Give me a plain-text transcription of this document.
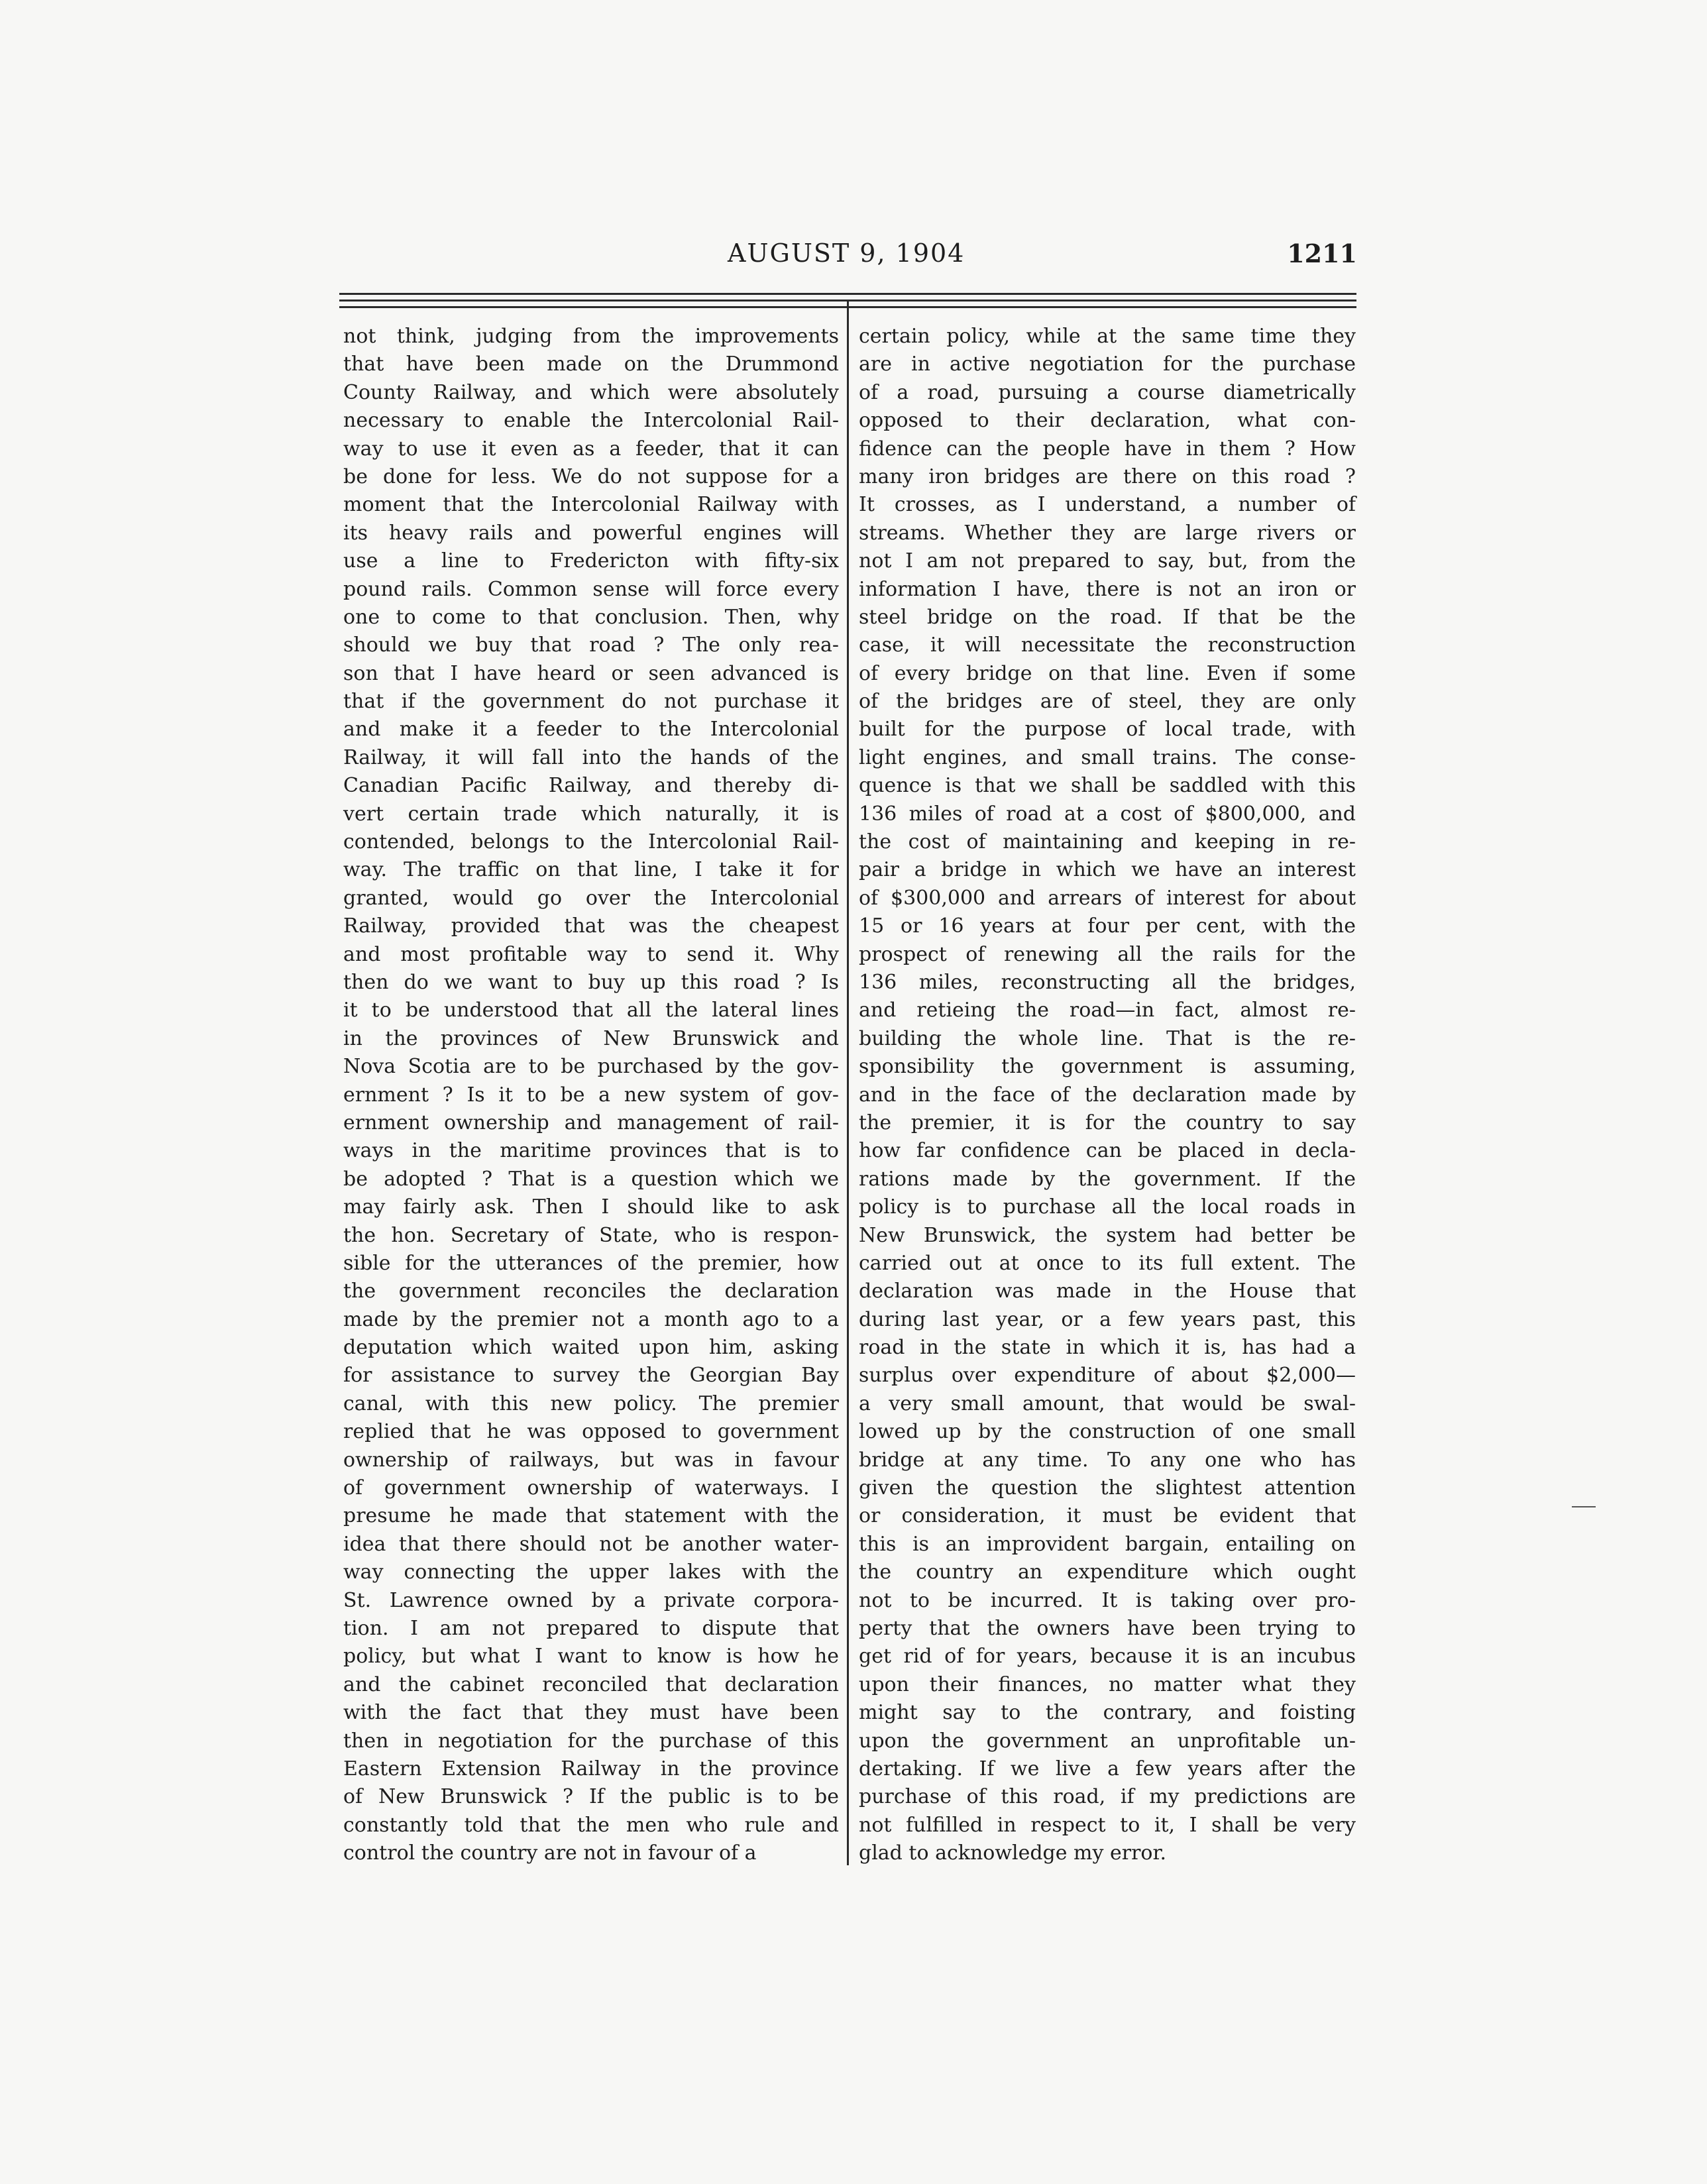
AUGUST 9, 1904	1211
not think, judging from the improvements
that have been made on the Drummond
County Railway, and which were absolutely
necessary to enable the Intercolonial Rail-
way to use it even as a feeder, that it can
be done for less. We do not suppose for a
moment that the Intercolonial Railway with
its heavy rails and powerful engines will
use a line to Fredericton with fifty-six
pound rails. Common sense will force every
one to come to that conclusion. Then, why
should we buy that road ? The only rea-
son that I have heard or seen advanced is
that if the government do not purchase it
and make it a feeder to the Intercolonial
Railway, it will fall into the hands of the
Canadian Pacific Railway, and thereby di-
vert certain trade which naturally, it is
contended, belongs to the Intercolonial Rail-
way. The traffic on that line, I take it for
granted, would go over the Intercolonial
Railway, provided that was the cheapest
and most profitable way to send it. Why
then do we want to buy up this road ? Is
it to be understood that all the lateral lines
in the provinces of New Brunswick and
Nova Scotia are to be purchased by the gov-
ernment ? Is it to be a new system of gov-
ernment ownership and management of rail-
ways in the maritime provinces that is to
be adopted ? That is a question which we
may fairly ask. Then I should like to ask
the hon. Secretary of State, who is respon-
sible for the utterances of the premier, how
the government reconciles the declaration
made by the premier not a month ago to a
deputation which waited upon him, asking
for assistance to survey the Georgian Bay
canal, with this new policy. The premier
replied that he was opposed to government
ownership of railways, but was in favour
of government ownership of waterways. I
presume he made that statement with the
idea that there should not be another water-
way connecting the upper lakes with the
St. Lawrence owned by a private corpora-
tion. I am not prepared to dispute that
policy, but what I want to know is how he
and the cabinet reconciled that declaration
with the fact that they must have been
then in negotiation for the purchase of this
Eastern Extension Railway in the province
of New Brunswick ? If the public is to be
constantly told that the men who rule and
control the country are not in favour of a
certain policy, while at the same time they
are in active negotiation for the purchase
of a road, pursuing a course diametrically
opposed to their declaration, what con-
fidence can the people have in them ? How
many iron bridges are there on this road ?
It crosses, as I understand, a number of
streams. Whether they are large rivers or
not I am not prepared to say, but, from the
information I have, there is not an iron or
steel bridge on the road. If that be the
case, it will necessitate the reconstruction
of every bridge on that line. Even if some
of the bridges are of steel, they are only
built for the purpose of local trade, with
light engines, and small trains. The conse-
quence is that we shall be saddled with this
136 miles of road at a cost of $800,000, and
the cost of maintaining and keeping in re-
pair a bridge in which we have an interest
of $300,000 and arrears of interest for about
15 or 16 years at four per cent, with the
prospect of renewing all the rails for the
136 miles, reconstructing all the bridges,
and retieing the road—in fact, almost re-
building the whole line. That is the re-
sponsibility the government is assuming,
and in the face of the declaration made by
the premier, it is for the country to say
how far confidence can be placed in decla-
rations made by the government. If the
policy is to purchase all the local roads in
New Brunswick, the system had better be
carried out at once to its full extent. The
declaration was made in the House that
during last year, or a few years past, this
road in the state in which it is, has had a
surplus over expenditure of about $2,000—
a very small amount, that would be swal-
lowed up by the construction of one small
bridge at any time. To any one who has
given the question the slightest attention
or consideration, it must be evident that
this is an improvident bargain, entailing on
the country an expenditure which ought
not to be incurred. It is taking over pro-
perty that the owners have been trying to
get rid of for years, because it is an incubus
upon their finances, no matter what they
might say to the contrary, and foisting
upon the government an unprofitable un-
dertaking. If we live a few years after the
purchase of this road, if my predictions are
not fulfilled in respect to it, I shall be very
glad to acknowledge my error.
